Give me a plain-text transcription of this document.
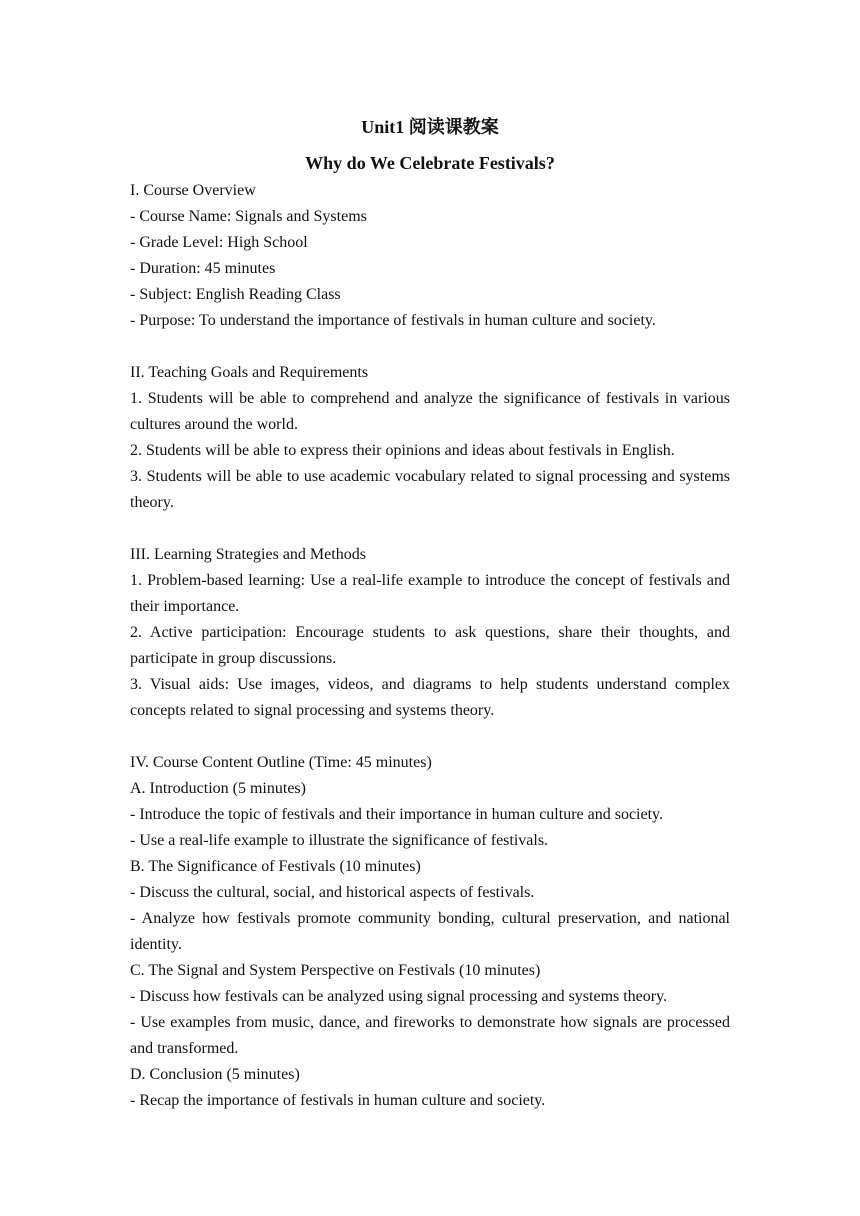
Unit1 阅读课教案
Why do We Celebrate Festivals?

I. Course Overview

- Course Name: Signals and Systems

- Grade Level: High School

- Duration: 45 minutes

- Subject: English Reading Class

- Purpose: To understand the importance of festivals in human culture and society.

II. Teaching Goals and Requirements

1. Students will be able to comprehend and analyze the significance of festivals in various cultures around the world.

2. Students will be able to express their opinions and ideas about festivals in English.

3. Students will be able to use academic vocabulary related to signal processing and systems theory.

III. Learning Strategies and Methods

1. Problem-based learning: Use a real-life example to introduce the concept of festivals and their importance.

2. Active participation: Encourage students to ask questions, share their thoughts, and participate in group discussions.

3. Visual aids: Use images, videos, and diagrams to help students understand complex concepts related to signal processing and systems theory.

IV. Course Content Outline (Time: 45 minutes)

A. Introduction (5 minutes)

- Introduce the topic of festivals and their importance in human culture and society.

- Use a real-life example to illustrate the significance of festivals.

B. The Significance of Festivals (10 minutes)

- Discuss the cultural, social, and historical aspects of festivals.

- Analyze how festivals promote community bonding, cultural preservation, and national identity.

C. The Signal and System Perspective on Festivals (10 minutes)

- Discuss how festivals can be analyzed using signal processing and systems theory.

- Use examples from music, dance, and fireworks to demonstrate how signals are processed and transformed.

D. Conclusion (5 minutes)

- Recap the importance of festivals in human culture and society.
